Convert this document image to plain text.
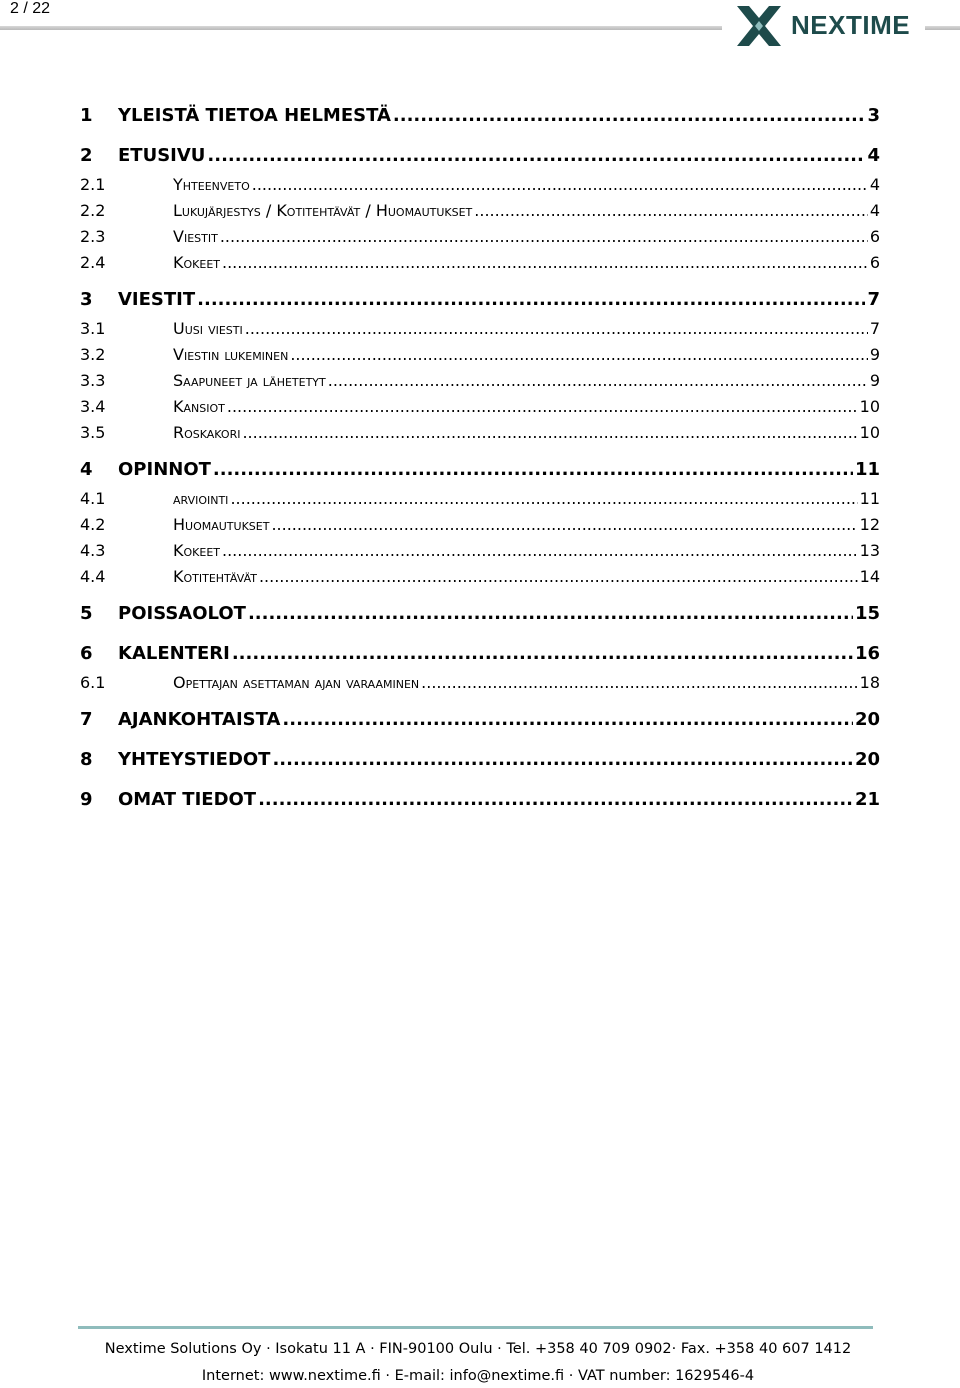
2 / 22
NEXTIME
1	YLEISTÄ TIETOA HELMESTÄ .....	3
2	ETUSIVU .....	4
2.1	Yhteenveto .....	4
2.2	Lukujärjestys / Kotitehtävät / Huomautukset .....	4
2.3	Viestit .....	6
2.4	Kokeet .....	6
3	VIESTIT .....	7
3.1	Uusi viesti .....	7
3.2	Viestin lukeminen .....	9
3.3	Saapuneet ja lähetetyt .....	9
3.4	Kansiot .....	10
3.5	Roskakori .....	10
4	OPINNOT .....	11
4.1	arviointi .....	11
4.2	Huomautukset .....	12
4.3	Kokeet .....	13
4.4	Kotitehtävät .....	14
5	POISSAOLOT .....	15
6	KALENTERI .....	16
6.1	Opettajan asettaman ajan varaaminen .....	18
7	AJANKOHTAISTA .....	20
8	YHTEYSTIEDOT .....	20
9	OMAT TIEDOT .....	21
Nextime Solutions Oy · Isokatu 11 A · FIN-90100 Oulu · Tel. +358 40 709 0902· Fax. +358 40 607 1412
Internet: www.nextime.fi · E-mail: info@nextime.fi · VAT number: 1629546-4
